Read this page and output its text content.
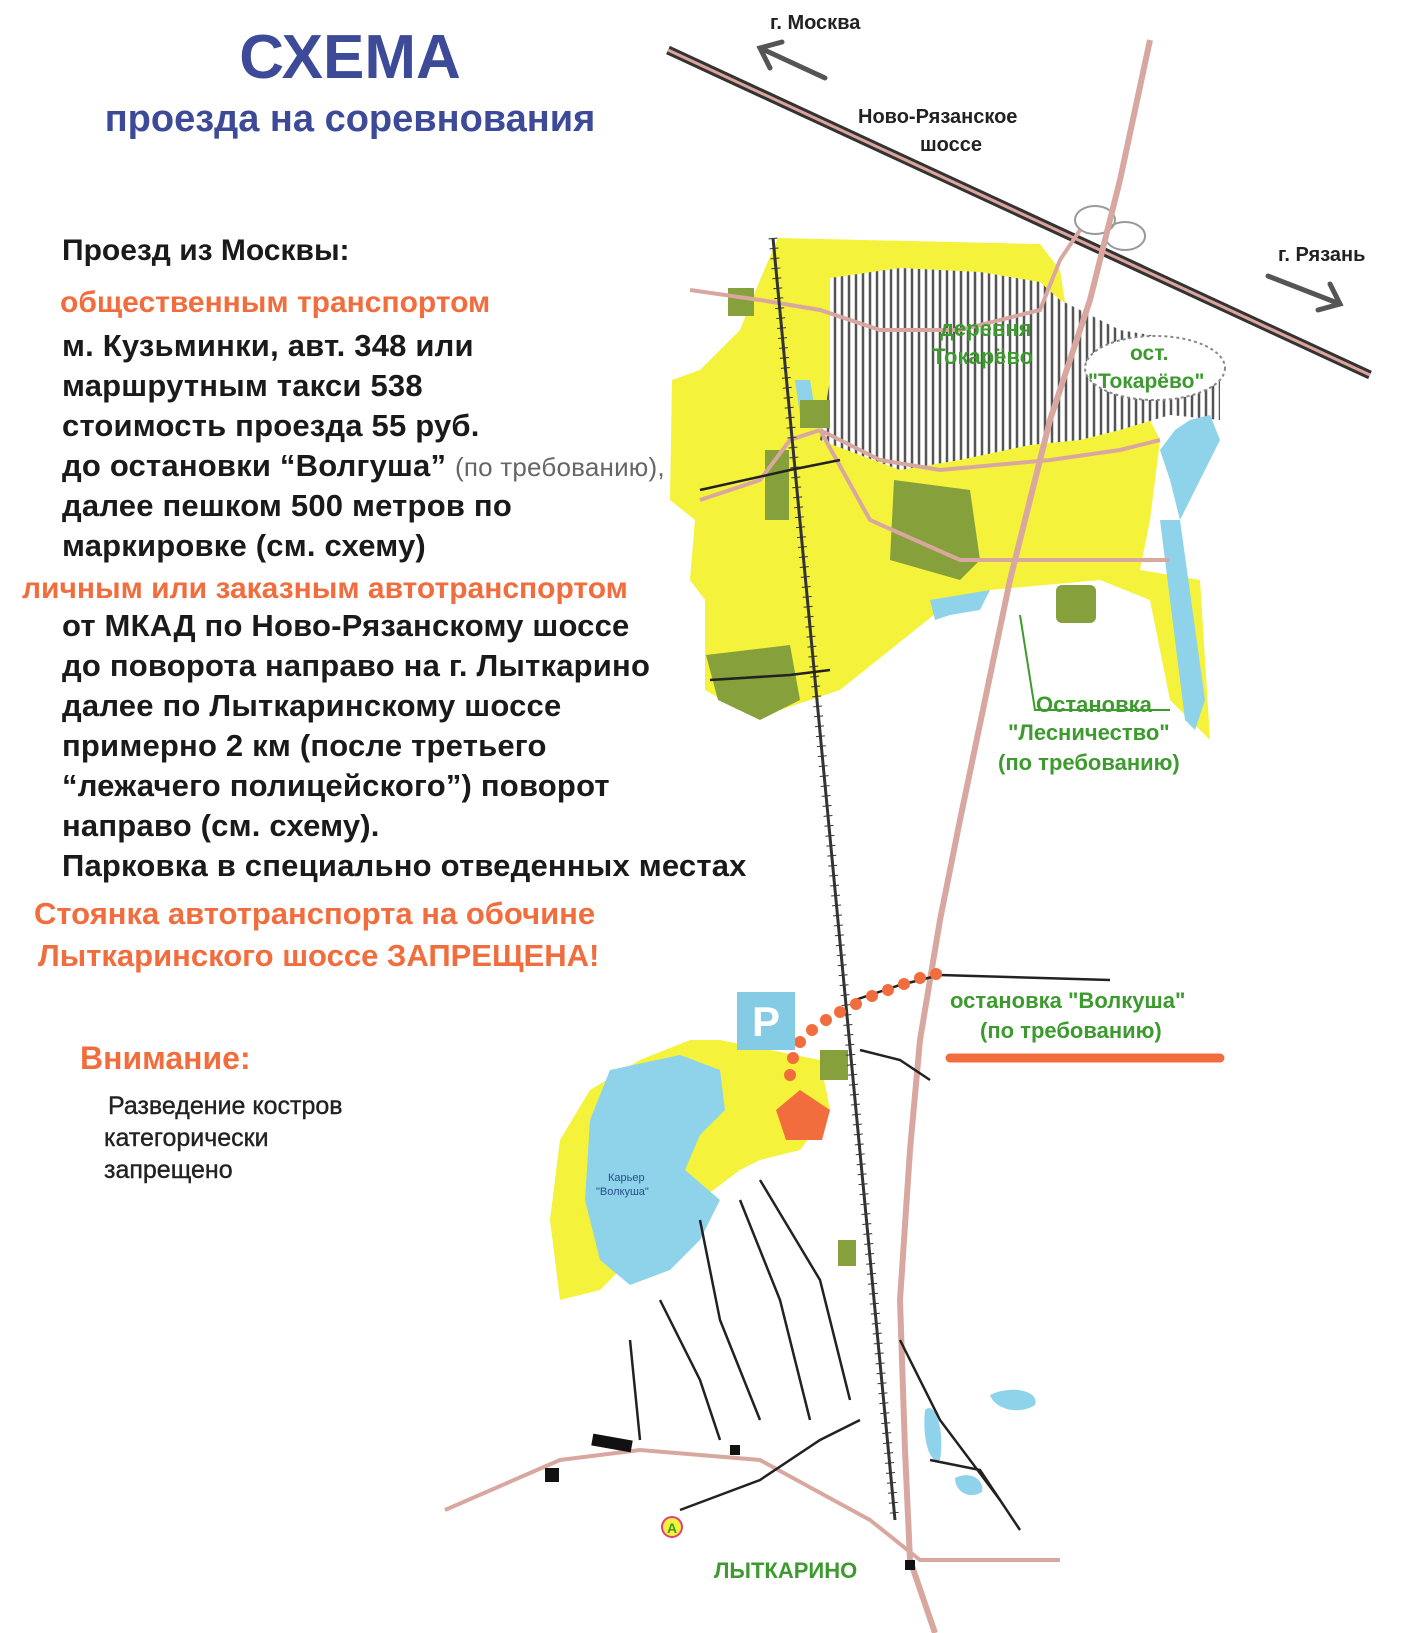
P
А
СХЕМА
проезда на соревнования
Проезд из Москвы:
общественным транспортом
м. Кузьминки, авт. 348 или
маршрутным такси 538
стоимость проезда 55 руб.
до остановки “Волгуша” (по требованию),
далее пешком 500 метров по
маркировке (см. схему)
личным или заказным автотранспортом
от МКАД по Ново-Рязанскому шоссе
до поворота направо на г. Лыткарино
далее по Лыткаринскому шоссе
примерно 2 км (после третьего
“лежачего полицейского”) поворот
направо (см. схему).
Парковка в специально отведенных местах
Стоянка автотранспорта на обочине
Лыткаринского шоссе ЗАПРЕЩЕНА!
Внимание:
Разведение костров
категорически
запрещено
г. Москва
г. Рязань
Ново-Рязанское
шоссе
деревня
Токарёво	ост.
"Токарёво"
Остановка
"Лесничество"
(по требованию)
остановка "Волкуша"
(по требованию)
Карьер
"Волкуша"
ЛЫТКАРИНО
